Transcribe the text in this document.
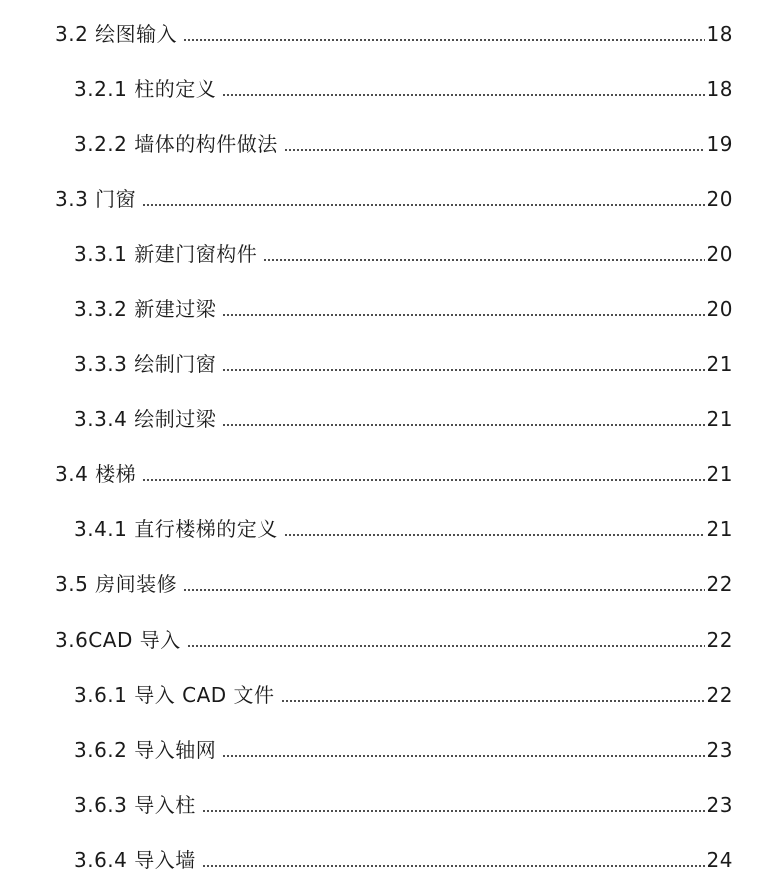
3.2 绘图输入	18
3.2.1 柱的定义	18
3.2.2 墙体的构件做法	19
3.3 门窗	20
3.3.1 新建门窗构件	20
3.3.2 新建过梁	20
3.3.3 绘制门窗	21
3.3.4 绘制过梁	21
3.4 楼梯	21
3.4.1 直行楼梯的定义	21
3.5 房间装修	22
3.6CAD 导入	22
3.6.1 导入 CAD 文件	22
3.6.2 导入轴网	23
3.6.3 导入柱	23
3.6.4 导入墙	24
